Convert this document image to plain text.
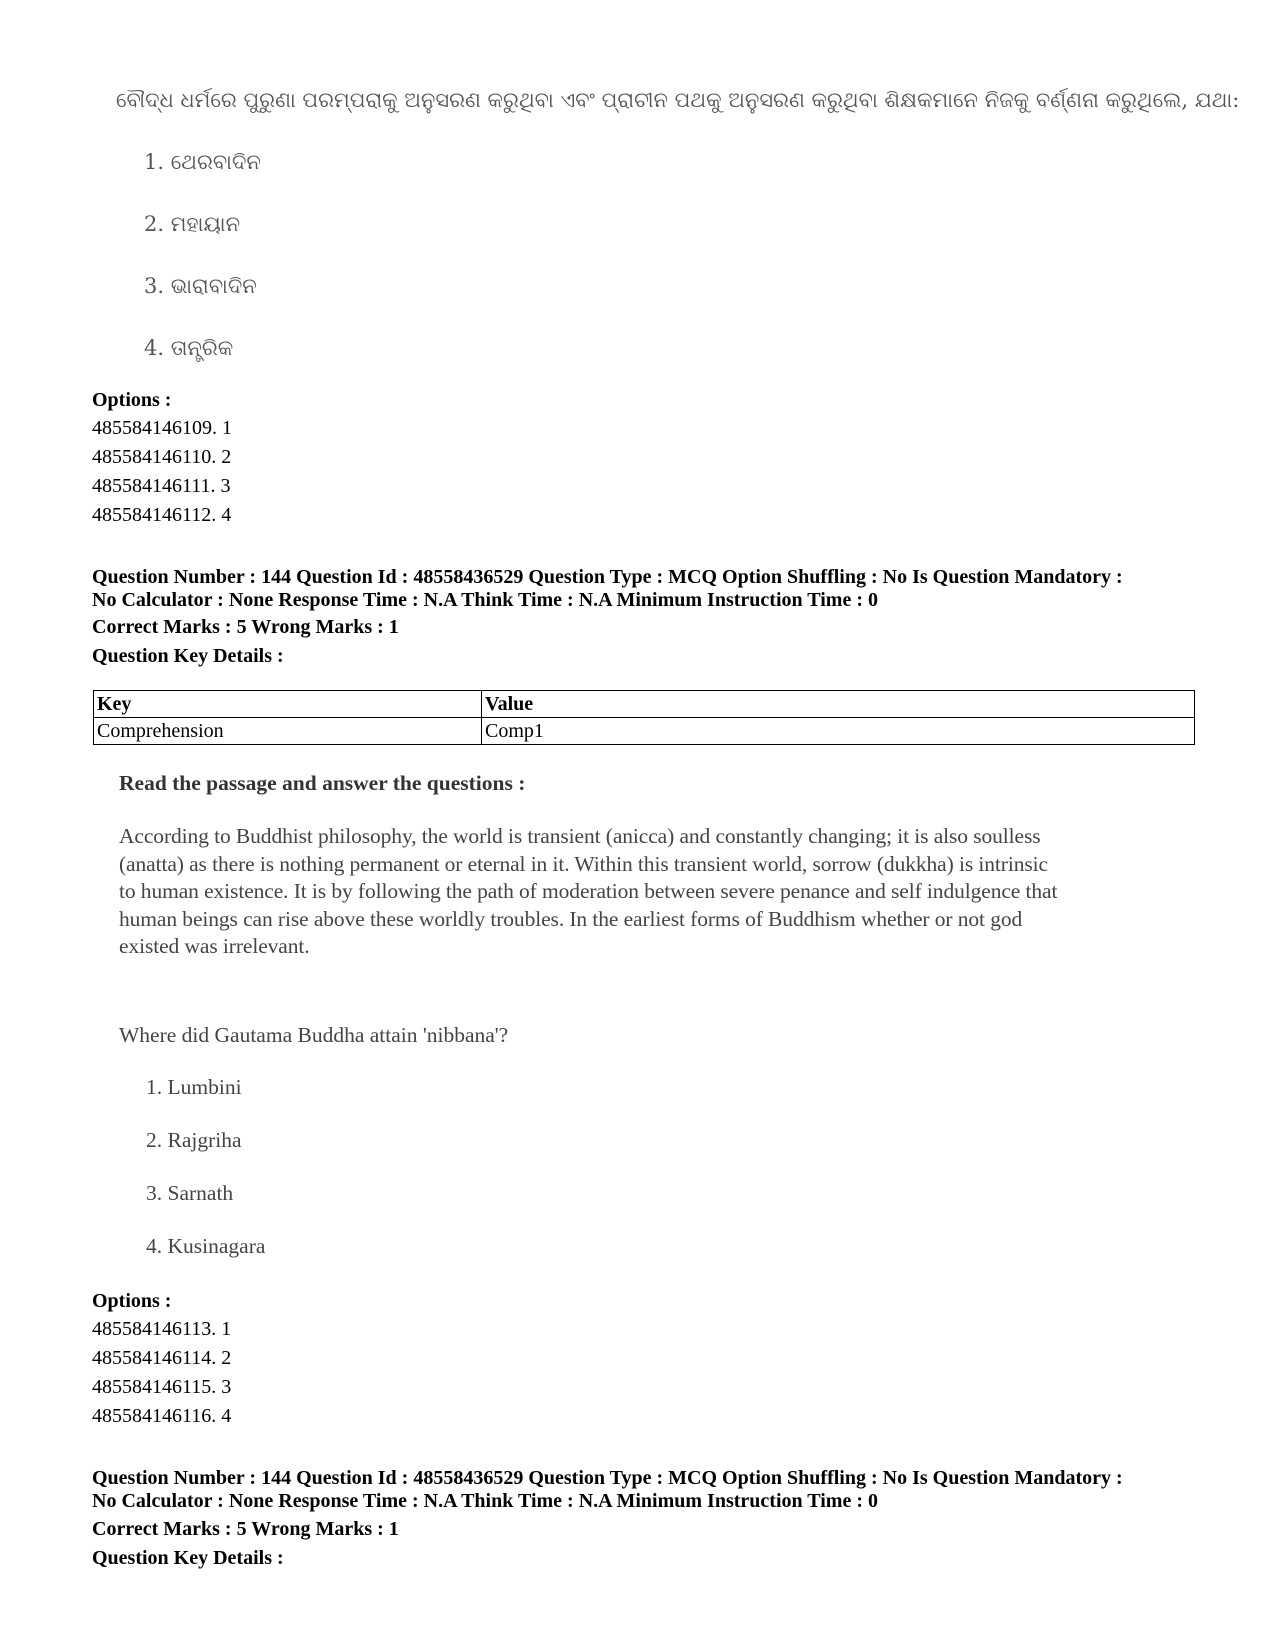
ବୌଦ୍ଧ ଧର୍ମରେ ପୁରୁଣା ପରମ୍ପରାକୁ ଅନୁସରଣ କରୁଥିବା ଏବଂ ପ୍ରାଚୀନ ପଥକୁ ଅନୁସରଣ କରୁଥିବା ଶିକ୍ଷକମାନେ ନିଜକୁ ବର୍ଣ୍ଣନା କରୁଥିଲେ, ଯଥା:
1. ଥେରବାଦିନ
2. ମହାୟାନ
3. ଭାରାବାଦିନ
4. ତାନ୍ତ୍ରିକ
Options :
485584146109. 1
485584146110. 2
485584146111. 3
485584146112. 4
Question Number : 144 Question Id : 48558436529 Question Type : MCQ Option Shuffling : No Is Question Mandatory :
No Calculator : None Response Time : N.A Think Time : N.A Minimum Instruction Time : 0
Correct Marks : 5 Wrong Marks : 1
Question Key Details :
Key	Value
Comprehension	Comp1
Read the passage and answer the questions :
According to Buddhist philosophy, the world is transient (anicca) and constantly changing; it is also soulless
(anatta) as there is nothing permanent or eternal in it. Within this transient world, sorrow (dukkha) is intrinsic
to human existence. It is by following the path of moderation between severe penance and self indulgence that
human beings can rise above these worldly troubles. In the earliest forms of Buddhism whether or not god
existed was irrelevant.
Where did Gautama Buddha attain 'nibbana'?
1. Lumbini
2. Rajgriha
3. Sarnath
4. Kusinagara
Options :
485584146113. 1
485584146114. 2
485584146115. 3
485584146116. 4
Question Number : 144 Question Id : 48558436529 Question Type : MCQ Option Shuffling : No Is Question Mandatory :
No Calculator : None Response Time : N.A Think Time : N.A Minimum Instruction Time : 0
Correct Marks : 5 Wrong Marks : 1
Question Key Details :
